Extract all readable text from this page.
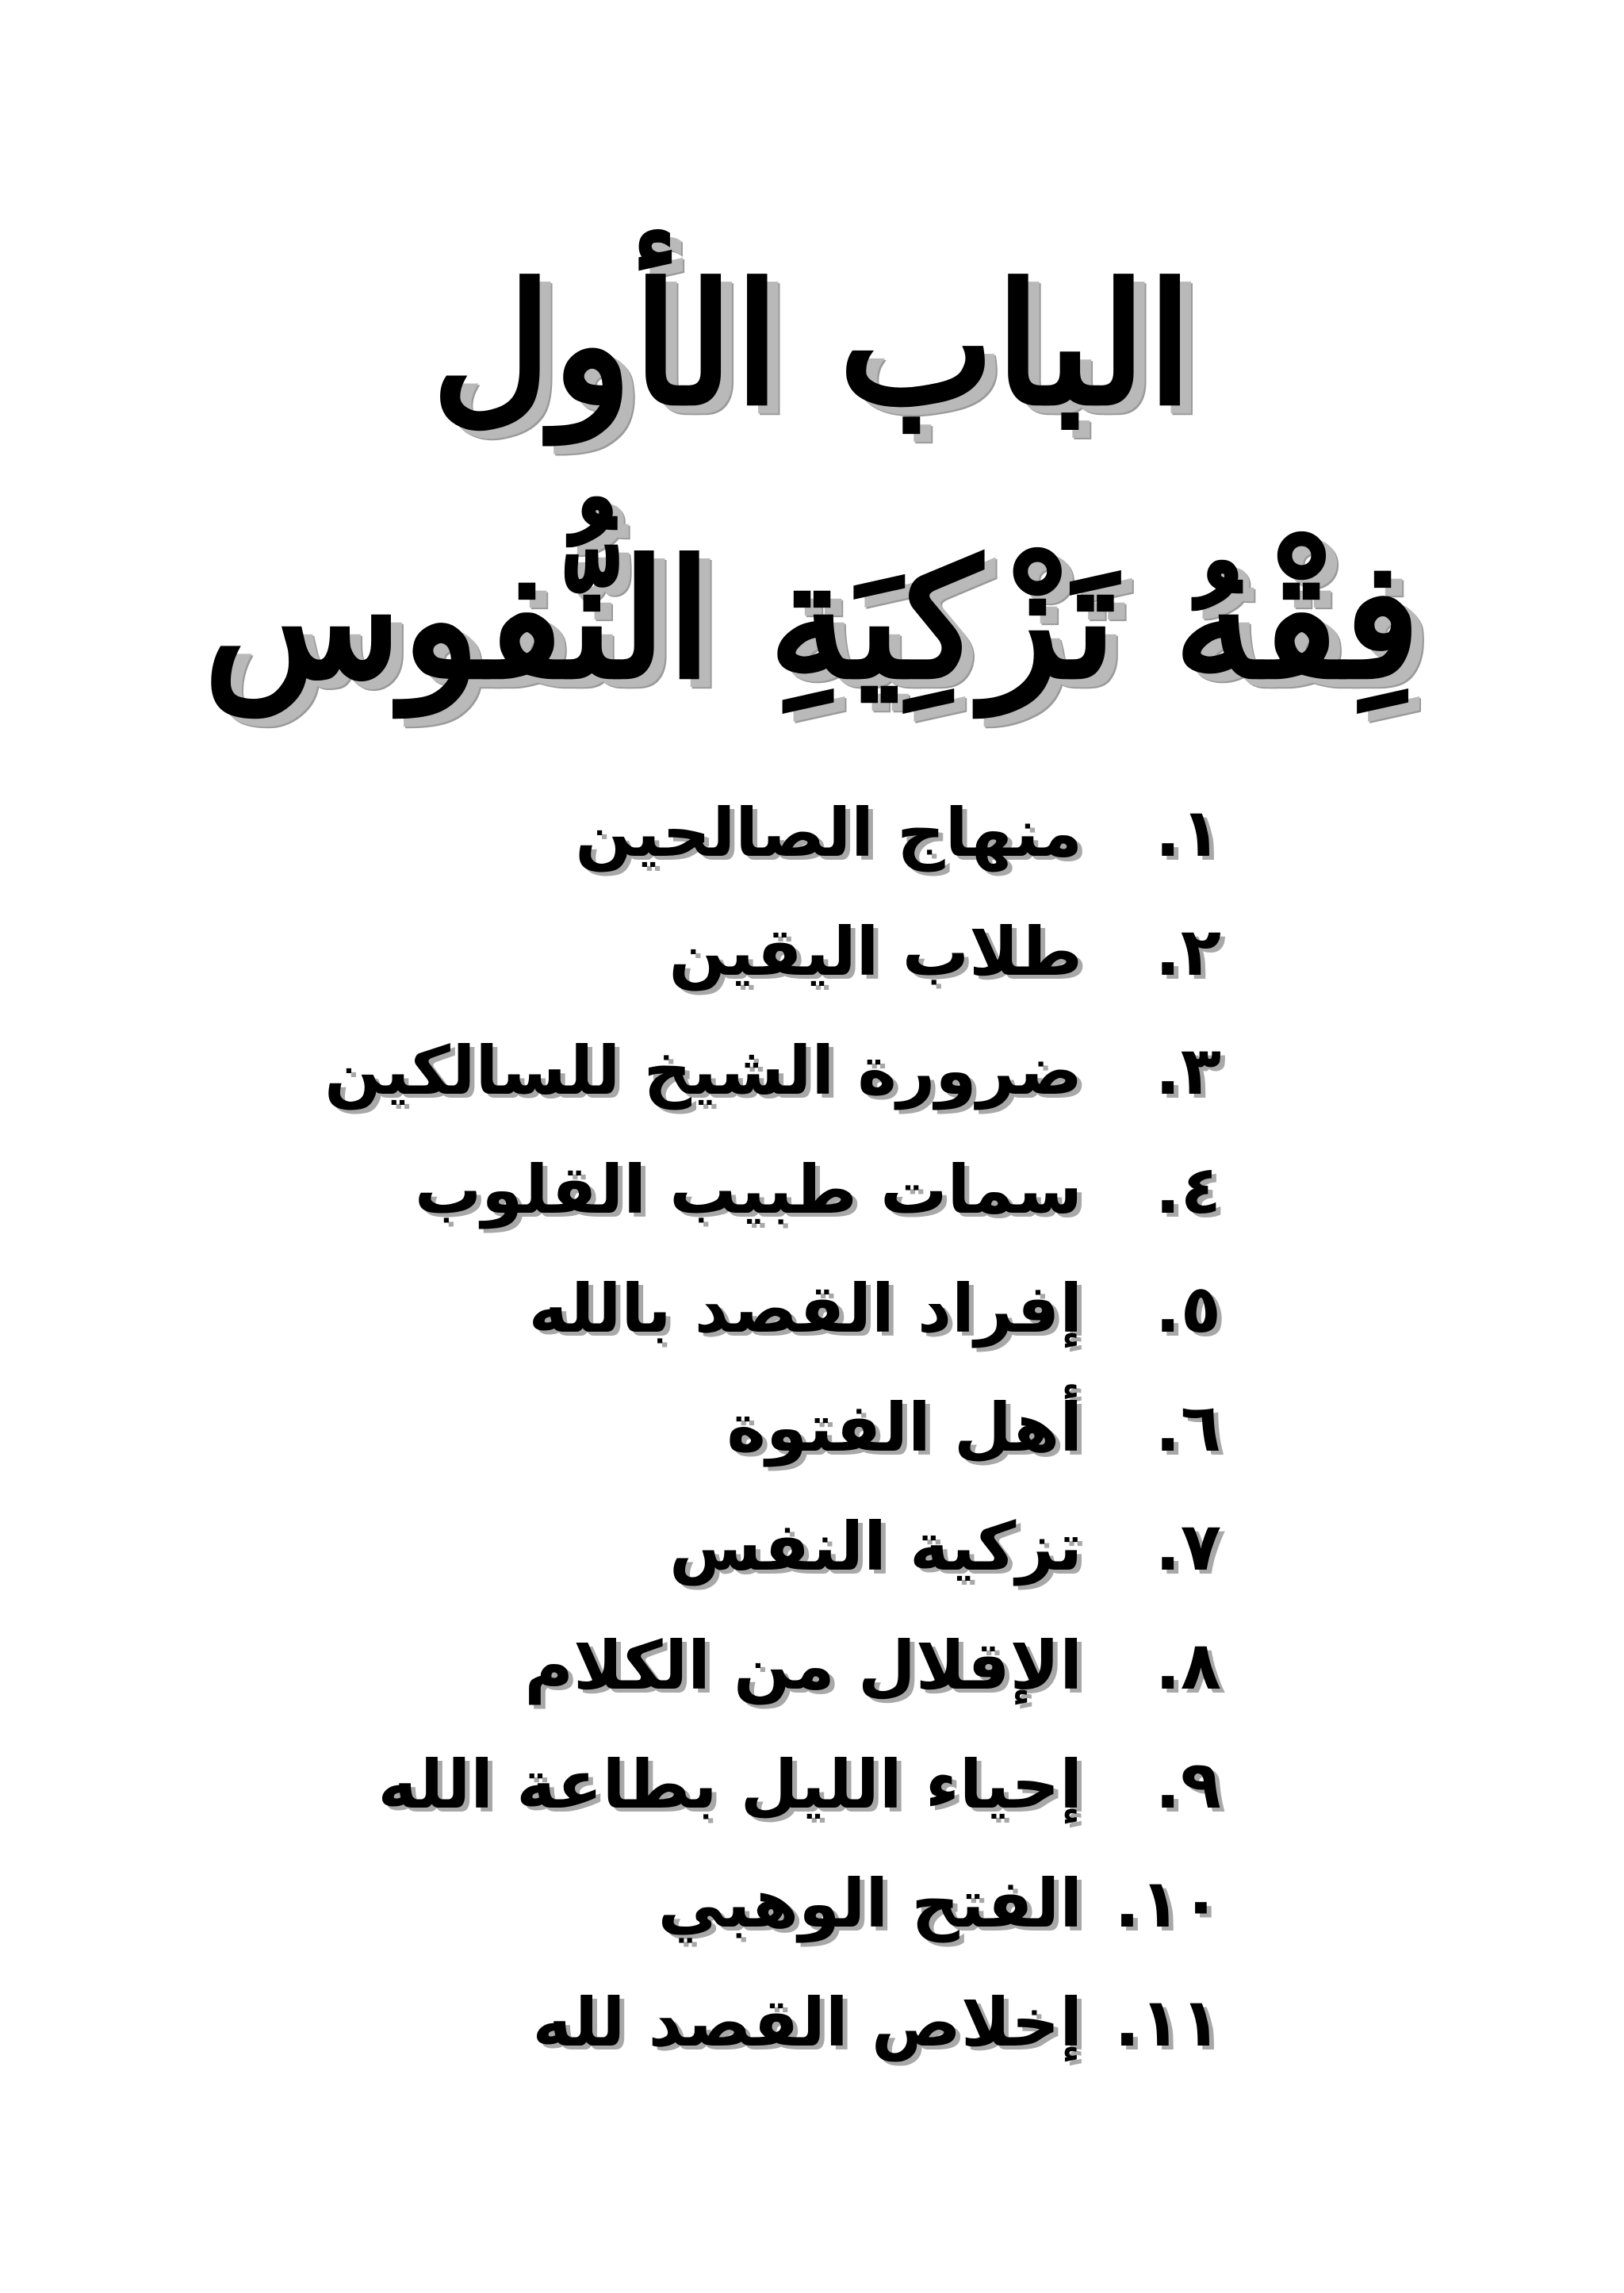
الباب الأول
فِقْهُ تَزْكِيَةِ النُّفوس
١.
منهاج الصالحين
٢.
طلاب اليقين
٣.
ضرورة الشيخ للسالكين
٤.
سمات طبيب القلوب
٥.
إفراد القصد بالله
٦.
أهل الفتوة
٧.
تزكية النفس
٨.
الإقلال من الكلام
٩.
إحياء الليل بطاعة الله
١٠.
الفتح الوهبي
١١.
إخلاص القصد لله
